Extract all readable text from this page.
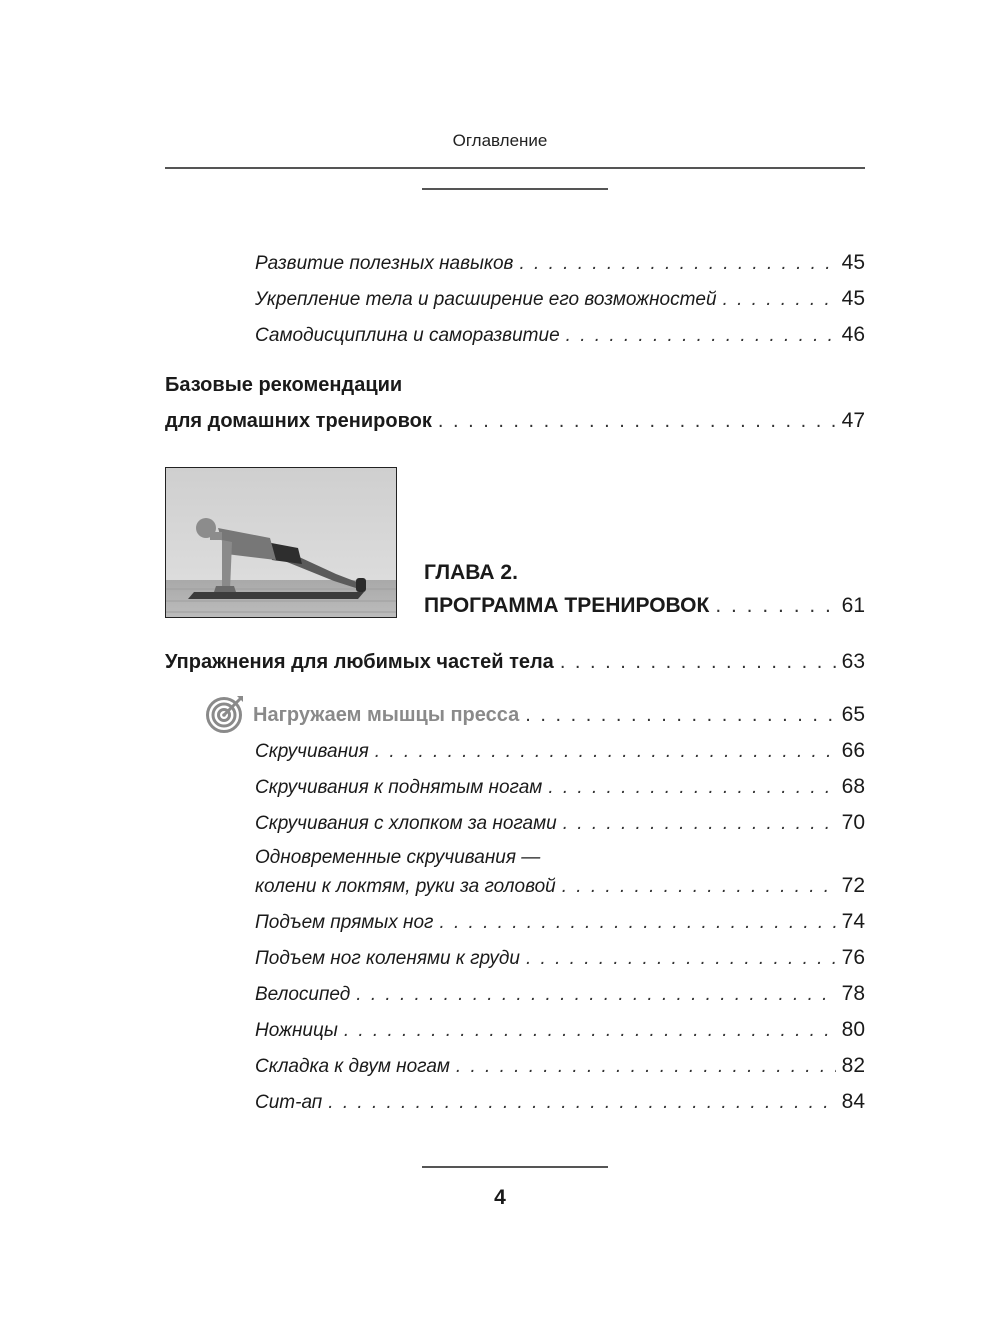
Оглавление
Развитие полезных навыков . . .	45
Укрепление тела и расширение его возможностей . . .	45
Самодисциплина и саморазвитие . . .	46
Базовые рекомендации
для домашних тренировок . . .	47
ГЛАВА 2.
ПРОГРАММА ТРЕНИРОВОК . . .	61
Упражнения для любимых частей тела . . .	63
Нагружаем мышцы пресса . . .	65
Скручивания . . .	66
Скручивания к поднятым ногам . . .	68
Скручивания с хлопком за ногами . . .	70
Одновременные скручивания —
колени к локтям, руки за головой . . .	72
Подъем прямых ног . . .	74
Подъем ног коленями к груди . . .	76
Велосипед . . .	78
Ножницы . . .	80
Складка к двум ногам . . .	82
Сит-ап . . .	84
4
